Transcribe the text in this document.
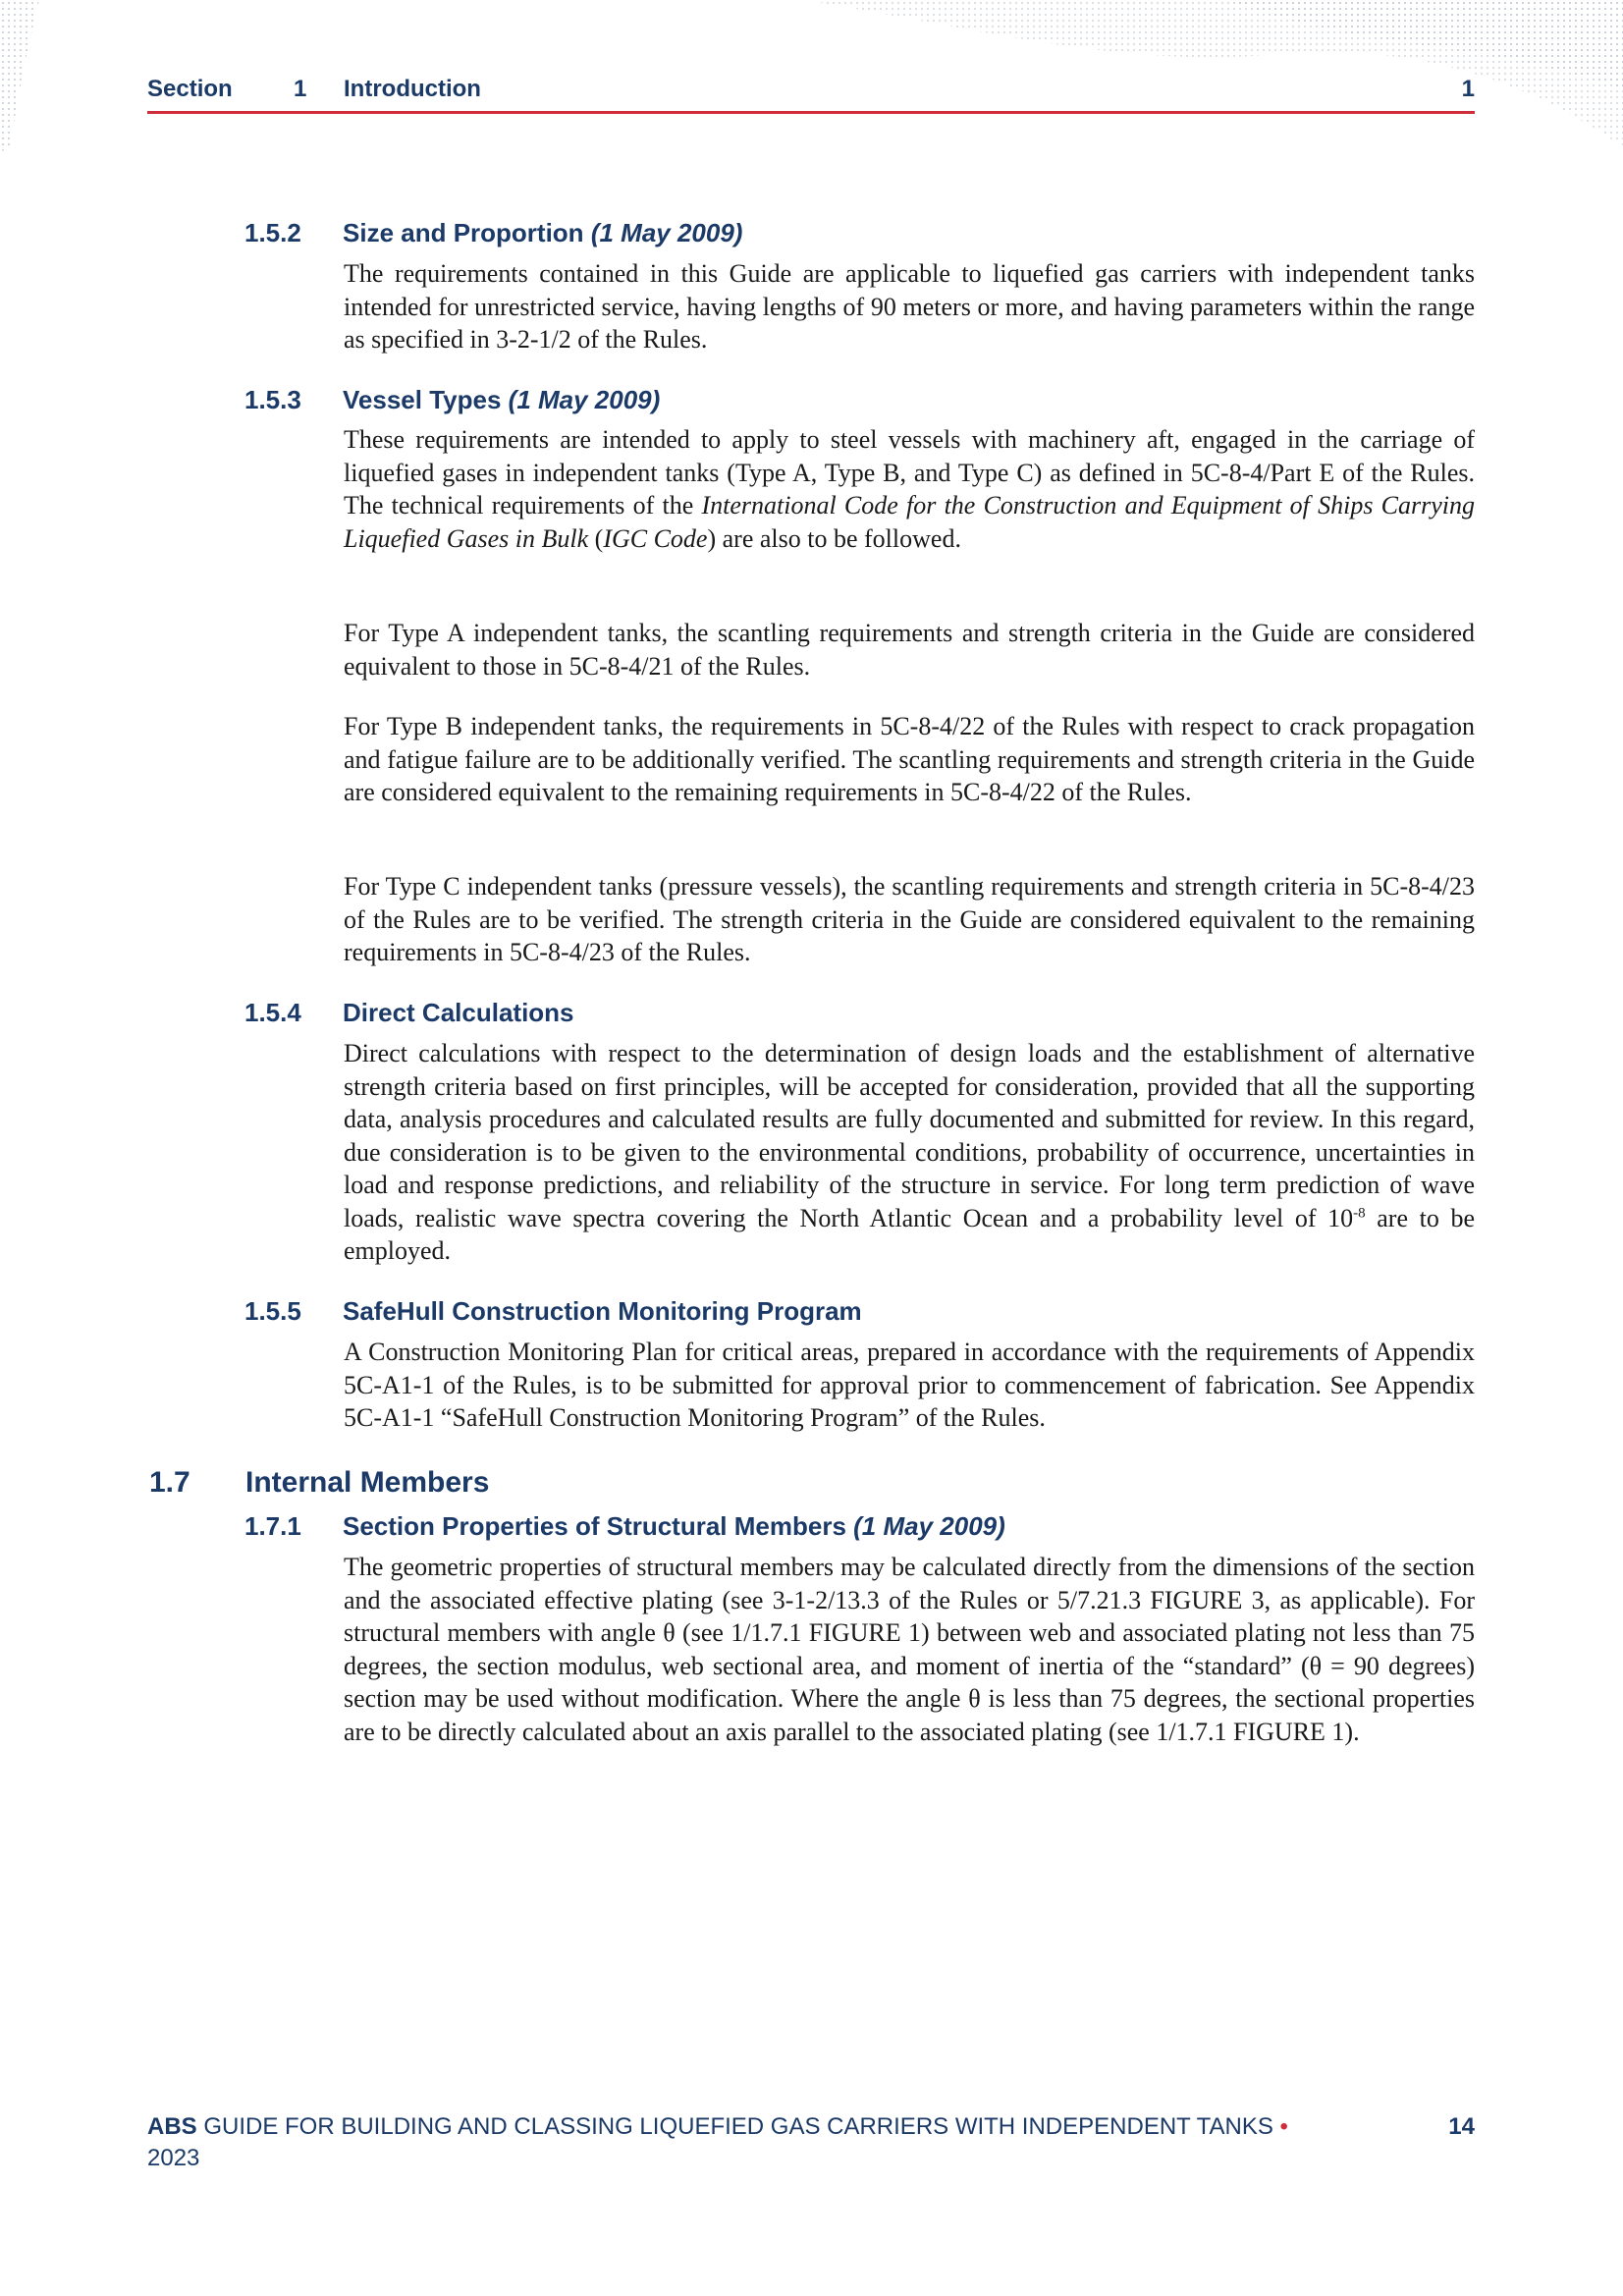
Section	1 Introduction	1
1.5.2 Size and Proportion (1 May 2009)

The requirements contained in this Guide are applicable to liquefied gas carriers with independent tanks intended for unrestricted service, having lengths of 90 meters or more, and having parameters within the range as specified in 3-2-1/2 of the Rules.

1.5.3 Vessel Types (1 May 2009)

These requirements are intended to apply to steel vessels with machinery aft, engaged in the carriage of liquefied gases in independent tanks (Type A, Type B, and Type C) as defined in 5C-8-4/Part E of the Rules. The technical requirements of the International Code for the Construction and Equipment of Ships Carrying Liquefied Gases in Bulk (IGC Code) are also to be followed.

For Type A independent tanks, the scantling requirements and strength criteria in the Guide are considered equivalent to those in 5C-8-4/21 of the Rules.

For Type B independent tanks, the requirements in 5C-8-4/22 of the Rules with respect to crack propagation and fatigue failure are to be additionally verified. The scantling requirements and strength criteria in the Guide are considered equivalent to the remaining requirements in 5C-8-4/22 of the Rules.

For Type C independent tanks (pressure vessels), the scantling requirements and strength criteria in 5C-8-4/23 of the Rules are to be verified. The strength criteria in the Guide are considered equivalent to the remaining requirements in 5C-8-4/23 of the Rules.

1.5.4 Direct Calculations

Direct calculations with respect to the determination of design loads and the establishment of alternative strength criteria based on first principles, will be accepted for consideration, provided that all the supporting data, analysis procedures and calculated results are fully documented and submitted for review. In this regard, due consideration is to be given to the environmental conditions, probability of occurrence, uncertainties in load and response predictions, and reliability of the structure in service. For long term prediction of wave loads, realistic wave spectra covering the North Atlantic Ocean and a probability level of $10^{-8}$ are to be employed.

1.5.5 SafeHull Construction Monitoring Program

A Construction Monitoring Plan for critical areas, prepared in accordance with the requirements of Appendix 5C-A1-1 of the Rules, is to be submitted for approval prior to commencement of fabrication. See Appendix 5C-A1-1 “SafeHull Construction Monitoring Program” of the Rules.

1.7 Internal Members
1.7.1 Section Properties of Structural Members (1 May 2009)

The geometric properties of structural members may be calculated directly from the dimensions of the section and the associated effective plating (see 3-1-2/13.3 of the Rules or 5/7.21.3 FIGURE 3, as applicable). For structural members with angle θ (see 1/1.7.1 FIGURE 1) between web and associated plating not less than 75 degrees, the section modulus, web sectional area, and moment of inertia of the “standard” (θ = 90 degrees) section may be used without modification. Where the angle θ is less than 75 degrees, the sectional properties are to be directly calculated about an axis parallel to the associated plating (see 1/1.7.1 FIGURE 1).

ABS GUIDE FOR BUILDING AND CLASSING LIQUEFIED GAS CARRIERS WITH INDEPENDENT TANKS •
2023
14
